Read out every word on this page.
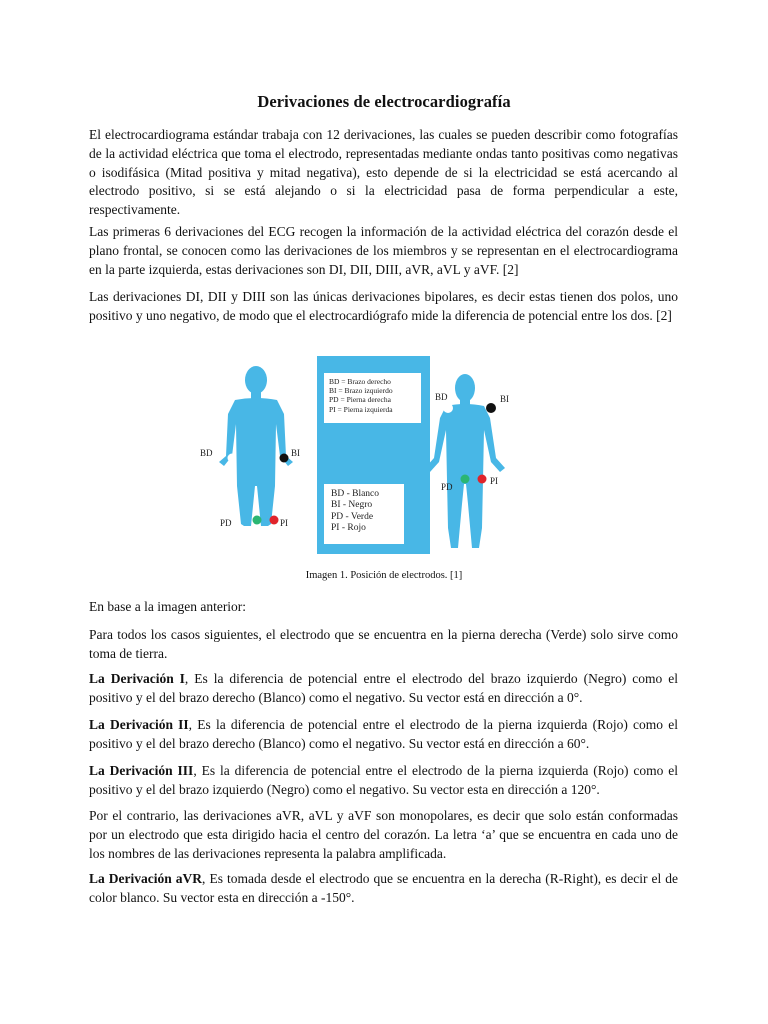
Derivaciones de electrocardiografía

El electrocardiograma estándar trabaja con 12 derivaciones, las cuales se pueden describir como fotografías de la actividad eléctrica que toma el electrodo, representadas mediante ondas tanto positivas como negativas o isodifásica (Mitad positiva y mitad negativa), esto depende de si la electricidad se está acercando al electrodo positivo, si se está alejando o si la electricidad pasa de forma perpendicular a este, respectivamente.

Las primeras 6 derivaciones del ECG recogen la información de la actividad eléctrica del corazón desde el plano frontal, se conocen como las derivaciones de los miembros y se representan en el electrocardiograma en la parte izquierda, estas derivaciones son DI, DII, DIII, aVR, aVL y aVF. [2]

Las derivaciones DI, DII y DIII son las únicas derivaciones bipolares, es decir estas tienen dos polos, uno positivo y uno negativo, de modo que el electrocardiógrafo mide la diferencia de potencial entre los dos. [2]

BD = Brazo derecho
BI = Brazo izquierdo
PD = Pierna derecha
PI = Pierna izquierda
BD - Blanco
BI - Negro
PD - Verde
PI - Rojo
BD	BI
PD	PI
BD	BI
PD
PI
Imagen 1. Posición de electrodos. [1]

En base a la imagen anterior:

Para todos los casos siguientes, el electrodo que se encuentra en la pierna derecha (Verde) solo sirve como toma de tierra.

La Derivación I, Es la diferencia de potencial entre el electrodo del brazo izquierdo (Negro) como el positivo y el del brazo derecho (Blanco) como el negativo. Su vector está en dirección a 0°.

La Derivación II, Es la diferencia de potencial entre el electrodo de la pierna izquierda (Rojo) como el positivo y el del brazo derecho (Blanco) como el negativo. Su vector está en dirección a 60°.

La Derivación III, Es la diferencia de potencial entre el electrodo de la pierna izquierda (Rojo) como el positivo y el del brazo izquierdo (Negro) como el negativo. Su vector esta en dirección a 120°.

Por el contrario, las derivaciones aVR, aVL y aVF son monopolares, es decir que solo están conformadas por un electrodo que esta dirigido hacia el centro del corazón. La letra ‘a’ que se encuentra en cada uno de los nombres de las derivaciones representa la palabra amplificada.

La Derivación aVR, Es tomada desde el electrodo que se encuentra en la derecha (R-Right), es decir el de color blanco. Su vector esta en dirección a -150°.
